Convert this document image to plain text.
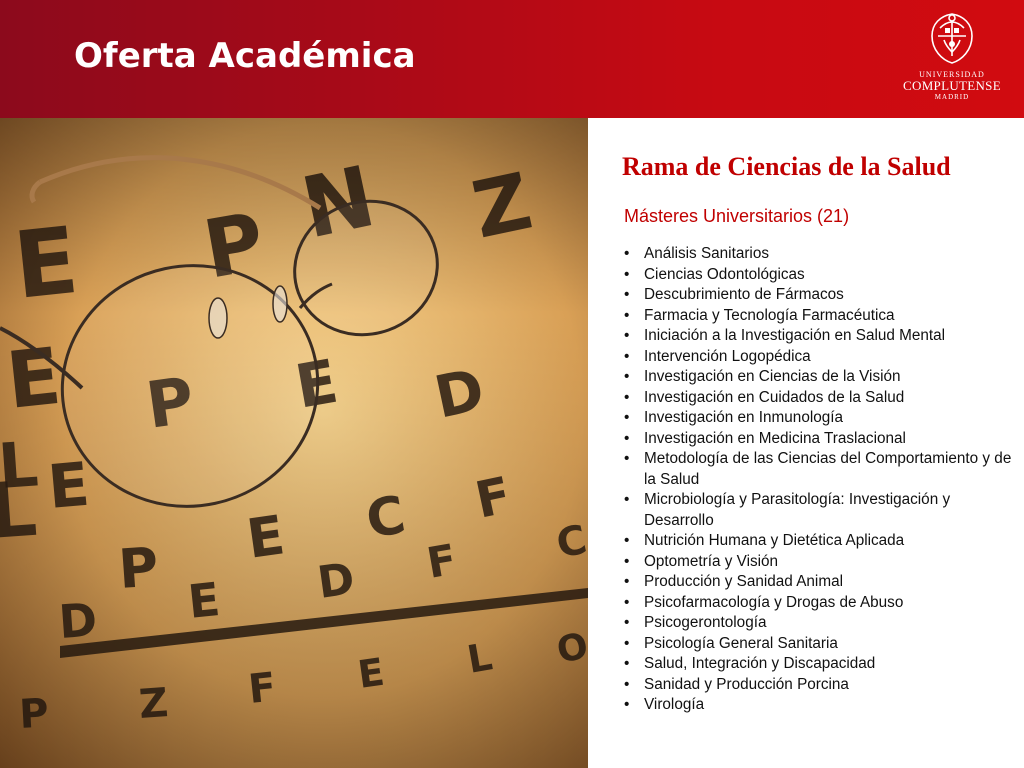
Oferta Académica	UNIVERSIDAD
COMPLUTENSE
MADRID
Rama de Ciencias de la Salud
Másteres Universitarios (21)
• Análisis Sanitarios
• Ciencias Odontológicas
• Descubrimiento de Fármacos
• Farmacia y Tecnología Farmacéutica
• Iniciación a la Investigación en Salud Mental
• Intervención Logopédica
• Investigación en Ciencias de la Visión
• Investigación en Cuidados de la Salud
• Investigación en Inmunología
• Investigación en Medicina Traslacional
• Metodología de las Ciencias del Comportamiento y de la Salud
• Microbiología y Parasitología: Investigación y Desarrollo
• Nutrición Humana y Dietética Aplicada
• Optometría y Visión
• Producción y Sanidad Animal
• Psicofarmacología y Drogas de Abuso
• Psicogerontología
• Psicología General Sanitaria
• Salud, Integración y Discapacidad
• Sanidad y Producción Porcina
• Virología
